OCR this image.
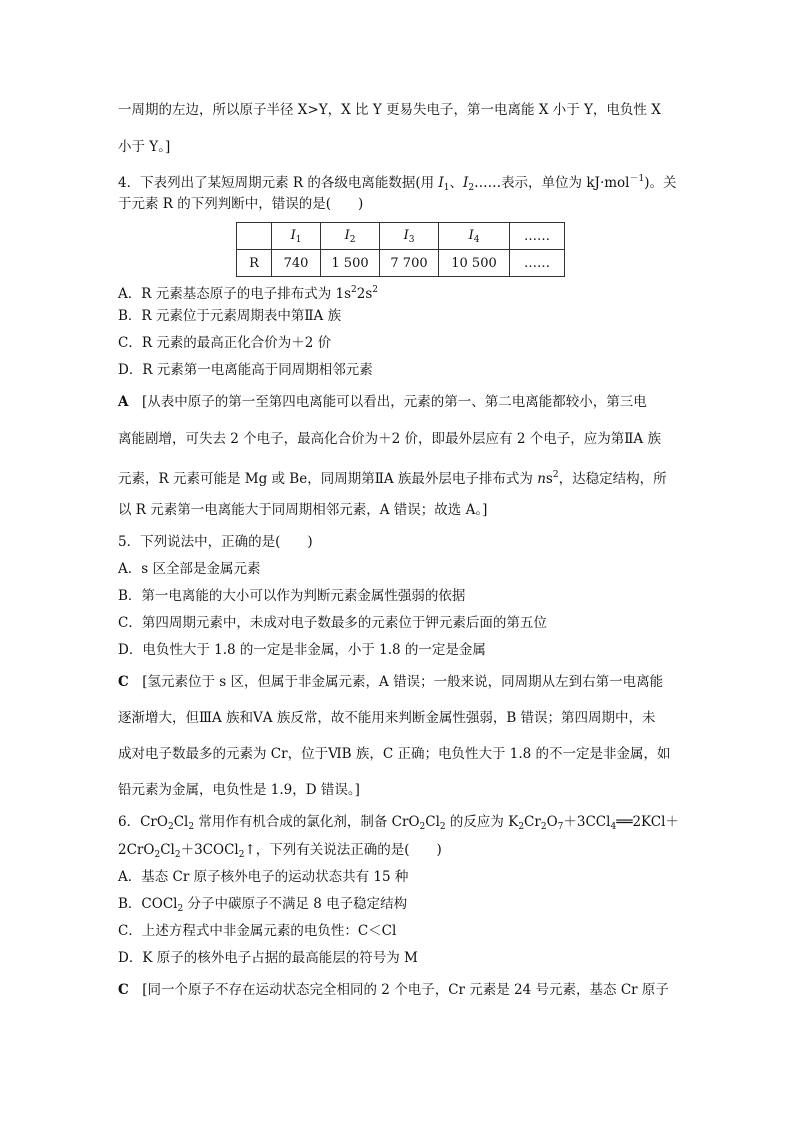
一周期的左边，所以原子半径 X>Y，X 比 Y 更易失电子，第一电离能 X 小于 Y，电负性 X
小于 Y。]
4．下表列出了某短周期元素 R 的各级电离能数据(用 $I_1$、$I_2\dots\dots$表示，单位为 kJ·mol$^{-1}$)。关
于元素 R 的下列判断中，错误的是(　　)
	$I_1$	$I_2$	$I_3$	$I_4$	……
R	740	1 500	7 700	10 500	……
A．R 元素基态原子的电子排布式为 $1s^22s^2$
B．R 元素位于元素周期表中第ⅡA 族
C．R 元素的最高正化合价为＋2 价
D．R 元素第一电离能高于同周期相邻元素
A　 [从表中原子的第一至第四电离能可以看出，元素的第一、第二电离能都较小，第三电
离能剧增，可失去 2 个电子，最高化合价为＋2 价，即最外层应有 2 个电子，应为第ⅡA 族
元素，R 元素可能是 Mg 或 Be，同周期第ⅡA 族最外层电子排布式为 $ns^2$，达稳定结构，所
以 R 元素第一电离能大于同周期相邻元素，A 错误；故选 A。]
5．下列说法中，正确的是(　　)
A．s 区全部是金属元素
B．第一电离能的大小可以作为判断元素金属性强弱的依据
C．第四周期元素中，未成对电子数最多的元素位于钾元素后面的第五位
D．电负性大于 1.8 的一定是非金属，小于 1.8 的一定是金属
C　 [氢元素位于 s 区，但属于非金属元素，A 错误；一般来说，同周期从左到右第一电离能
逐渐增大，但ⅢA 族和ⅤA 族反常，故不能用来判断金属性强弱，B 错误；第四周期中，未
成对电子数最多的元素为 Cr，位于ⅥB 族，C 正确；电负性大于 1.8 的不一定是非金属，如
铅元素为金属，电负性是 1.9，D 错误。]
6．$CrO_2Cl_2$ 常用作有机合成的氯化剂，制备 $CrO_2Cl_2$ 的反应为 $K_2Cr_2O_7+3CCl_4══2KCl+$
$2CrO_2Cl_2+3COCl_2↑$，下列有关说法正确的是(　　)
A．基态 Cr 原子核外电子的运动状态共有 15 种
B．COCl$_2$ 分子中碳原子不满足 8 电子稳定结构
C．上述方程式中非金属元素的电负性：C＜Cl
D．K 原子的核外电子占据的最高能层的符号为 M
C　 [同一个原子不存在运动状态完全相同的 2 个电子，Cr 元素是 24 号元素，基态 Cr 原子
